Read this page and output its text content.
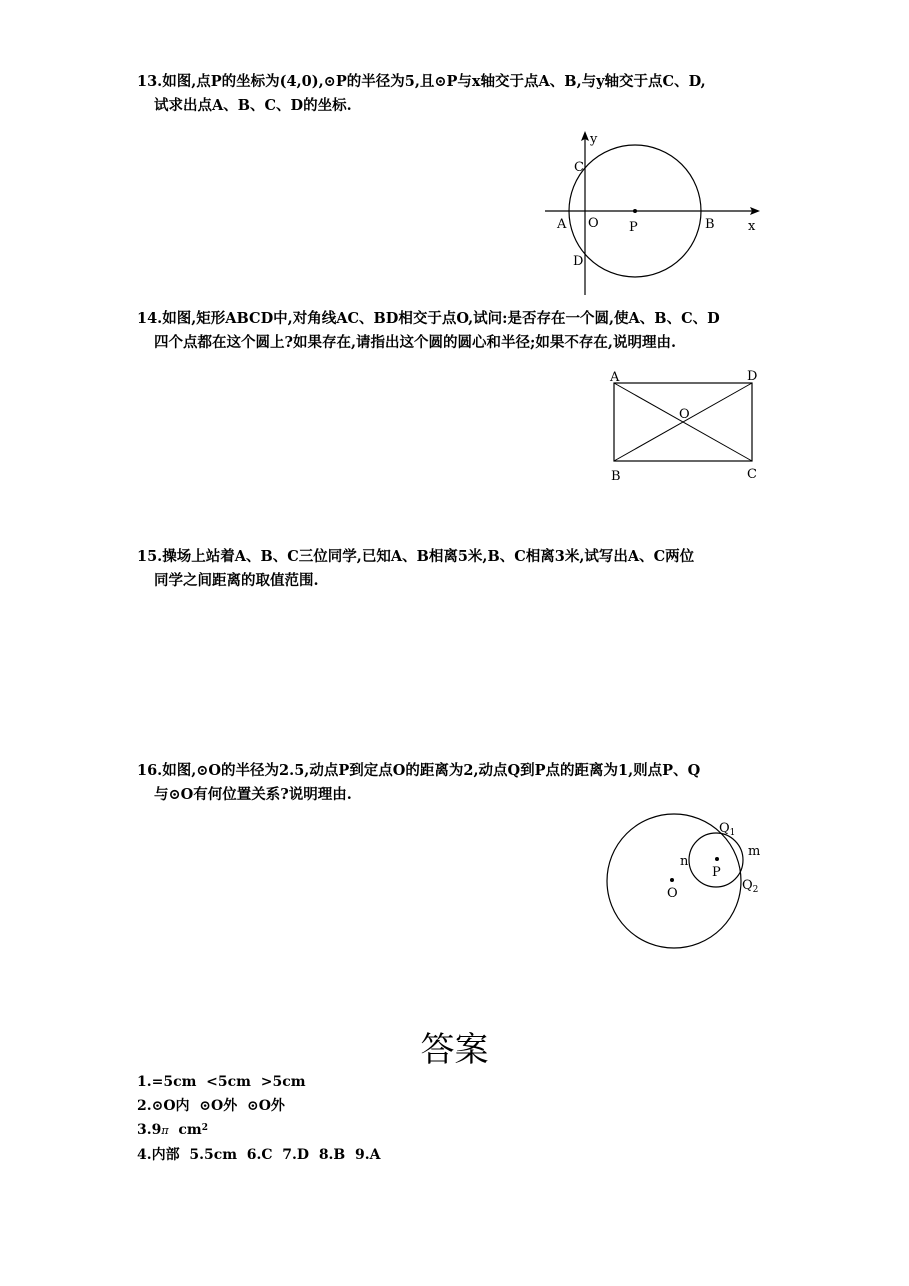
13.如图,点P的坐标为(4,0),⊙P的半径为5,且⊙P与x轴交于点A、B,与y轴交于点C、D,
试求出点A、B、C、D的坐标.
y
C
A O P	B	x
D
14.如图,矩形ABCD中,对角线AC、BD相交于点O,试问:是否存在一个圆,使A、B、C、D
四个点都在这个圆上?如果存在,请指出这个圆的圆心和半径;如果不存在,说明理由.
A	D
O
B	C
15.操场上站着A、B、C三位同学,已知A、B相离5米,B、C相离3米,试写出A、C两位
同学之间距离的取值范围.
16.如图,⊙O的半径为2.5,动点P到定点O的距离为2,动点Q到P点的距离为1,则点P、Q
与⊙O有何位置关系?说明理由.
$Q_1$
m
n
P
O
$Q_2$
答案
1.=5cm  <5cm  >5cm
2.⊙O内  ⊙O外  ⊙O外
3.9π  $cm^2$
4.内部  5.5cm  6.C  7.D  8.B  9.A
